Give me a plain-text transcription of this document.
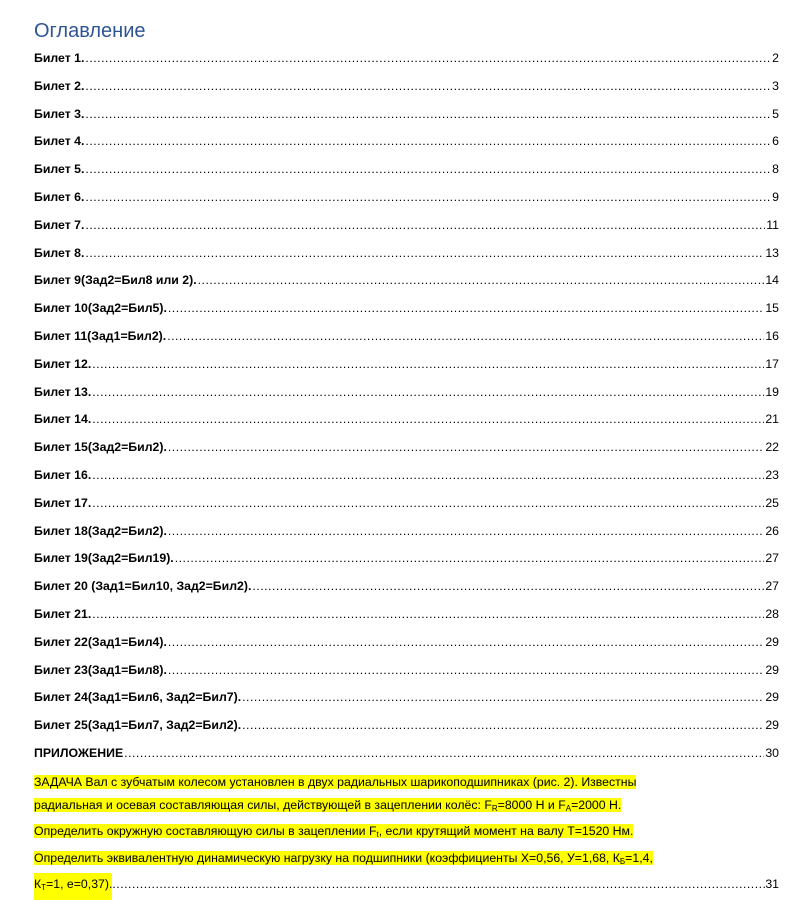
Оглавление
Билет 1. .....	2
Билет 2. .....	3
Билет 3. .....	5
Билет 4. .....	6
Билет 5. .....	8
Билет 6. .....	9
Билет 7. .....	11
Билет 8. .....	13
Билет 9(Зад2=Бил8 или 2). .....	14
Билет 10(Зад2=Бил5). .....	15
Билет 11(Зад1=Бил2). .....	16
Билет 12. .....	17
Билет 13. .....	19
Билет 14. .....	21
Билет 15(Зад2=Бил2). .....	22
Билет 16. .....	23
Билет 17. .....	25
Билет 18(Зад2=Бил2). .....	26
Билет 19(Зад2=Бил19). .....	27
Билет 20 (Зад1=Бил10, Зад2=Бил2). .....	27
Билет 21. .....	28
Билет 22(Зад1=Бил4). .....	29
Билет 23(Зад1=Бил8). .....	29
Билет 24(Зад1=Бил6, Зад2=Бил7). .....	29
Билет 25(Зад1=Бил7, Зад2=Бил2). .....	29
ПРИЛОЖЕНИЕ .....	30
ЗАДАЧА Вал с зубчатым колесом установлен в двух радиальных шарикоподшипниках (рис. 2). Известны
радиальная и осевая составляющая силы, действующей в зацеплении колёс: $F_R=8000$ Н и $F_A=2000$ Н.
Определить окружную составляющую силы в зацеплении $F_t$, если крутящий момент на валу Т=1520 Нм.
Определить эквивалентную динамическую нагрузку на подшипники (коэффициенты X=0,56, У=1,68, $К_Б=1,4$,
$К_Т=1$, e=0,37). .....	31
